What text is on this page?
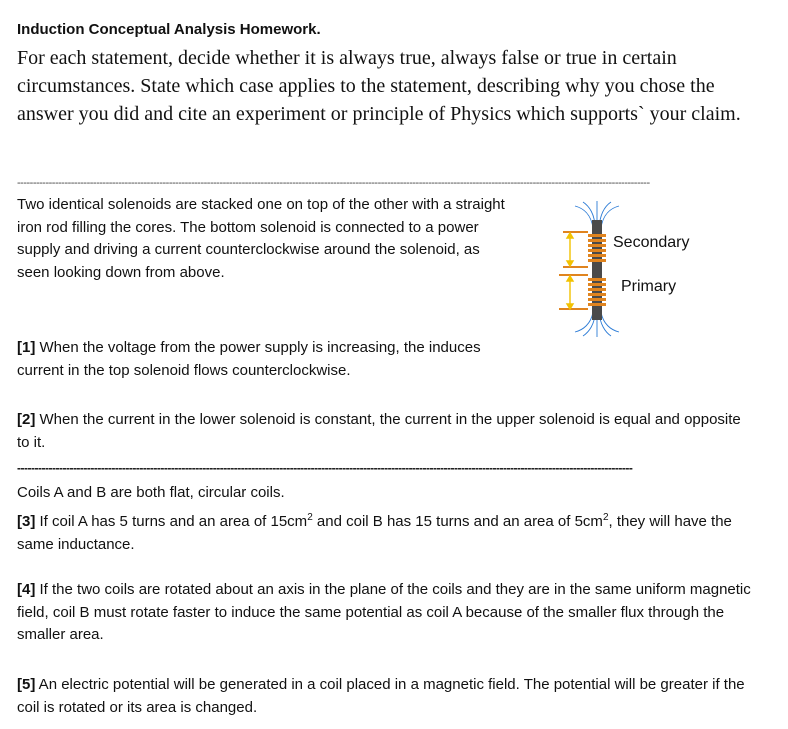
Induction Conceptual Analysis Homework.
For each statement, decide whether it is always true, always false or true in certain circumstances. State which case applies to the statement, describing why you chose the answer you did and cite an experiment or principle of Physics which supports` your claim.
--------------------------------------------------------------------------------------------------------------------------------------------------------------------------------------------------------
Two identical solenoids are stacked one on top of the other with a straight iron rod filling the cores. The bottom solenoid is connected to a power supply and driving a current counterclockwise around the solenoid, as seen looking down from above.
Secondary
Primary
[1] When the voltage from the power supply is increasing, the induces current in the top solenoid flows counterclockwise.
[2] When the current in the lower solenoid is constant, the current in the upper solenoid is equal and opposite to it.
--------------------------------------------------------------------------------------------------------------------------------------------------------------------------------
Coils A and B are both flat, circular coils.
[3] If coil A has 5 turns and an area of $15cm^2$ and coil B has 15 turns and an area of $5cm^2$, they will have the same inductance.
[4] If the two coils are rotated about an axis in the plane of the coils and they are in the same uniform magnetic field, coil B must rotate faster to induce the same potential as coil A because of the smaller flux through the smaller area.
[5] An electric potential will be generated in a coil placed in a magnetic field. The potential will be greater if the coil is rotated or its area is changed.
